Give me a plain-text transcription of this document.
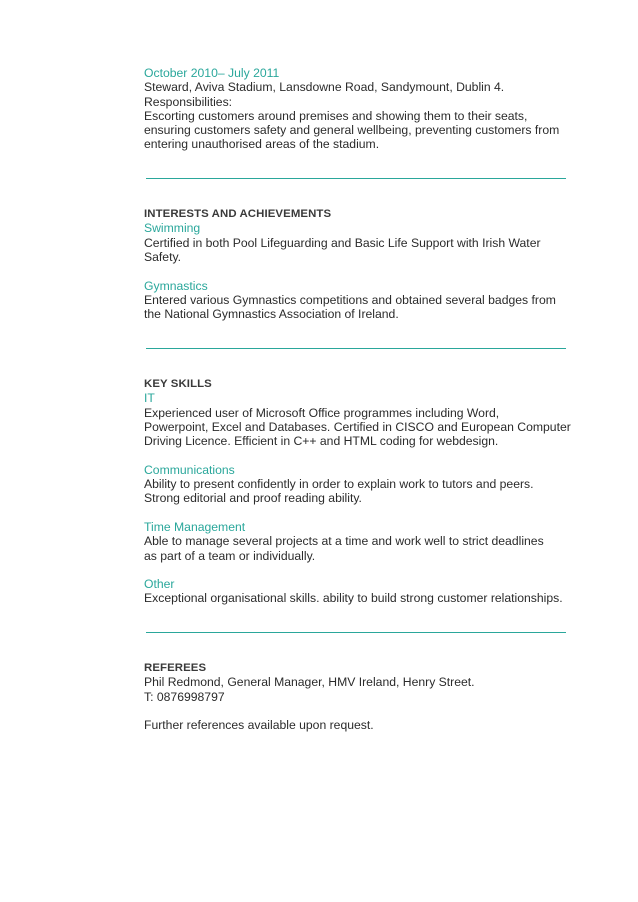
October 2010– July 2011
Steward, Aviva Stadium, Lansdowne Road, Sandymount, Dublin 4.
Responsibilities:
Escorting customers around premises and showing them to their seats,
ensuring customers safety and general wellbeing, preventing customers from
entering unauthorised areas of the stadium.
INTERESTS AND ACHIEVEMENTS
Swimming
Certified in both Pool Lifeguarding and Basic Life Support with Irish Water
Safety.
Gymnastics
Entered various Gymnastics competitions and obtained several badges from
the National Gymnastics Association of Ireland.
KEY SKILLS
IT
Experienced user of Microsoft Office programmes including Word,
Powerpoint, Excel and Databases. Certified in CISCO and European Computer
Driving Licence. Efficient in C++ and HTML coding for webdesign.
Communications
Ability to present confidently in order to explain work to tutors and peers.
Strong editorial and proof reading ability.
Time Management
Able to manage several projects at a time and work well to strict deadlines
as part of a team or individually.
Other
Exceptional organisational skills. ability to build strong customer relationships.
REFEREES
Phil Redmond, General Manager, HMV Ireland, Henry Street.
T: 0876998797
Further references available upon request.
